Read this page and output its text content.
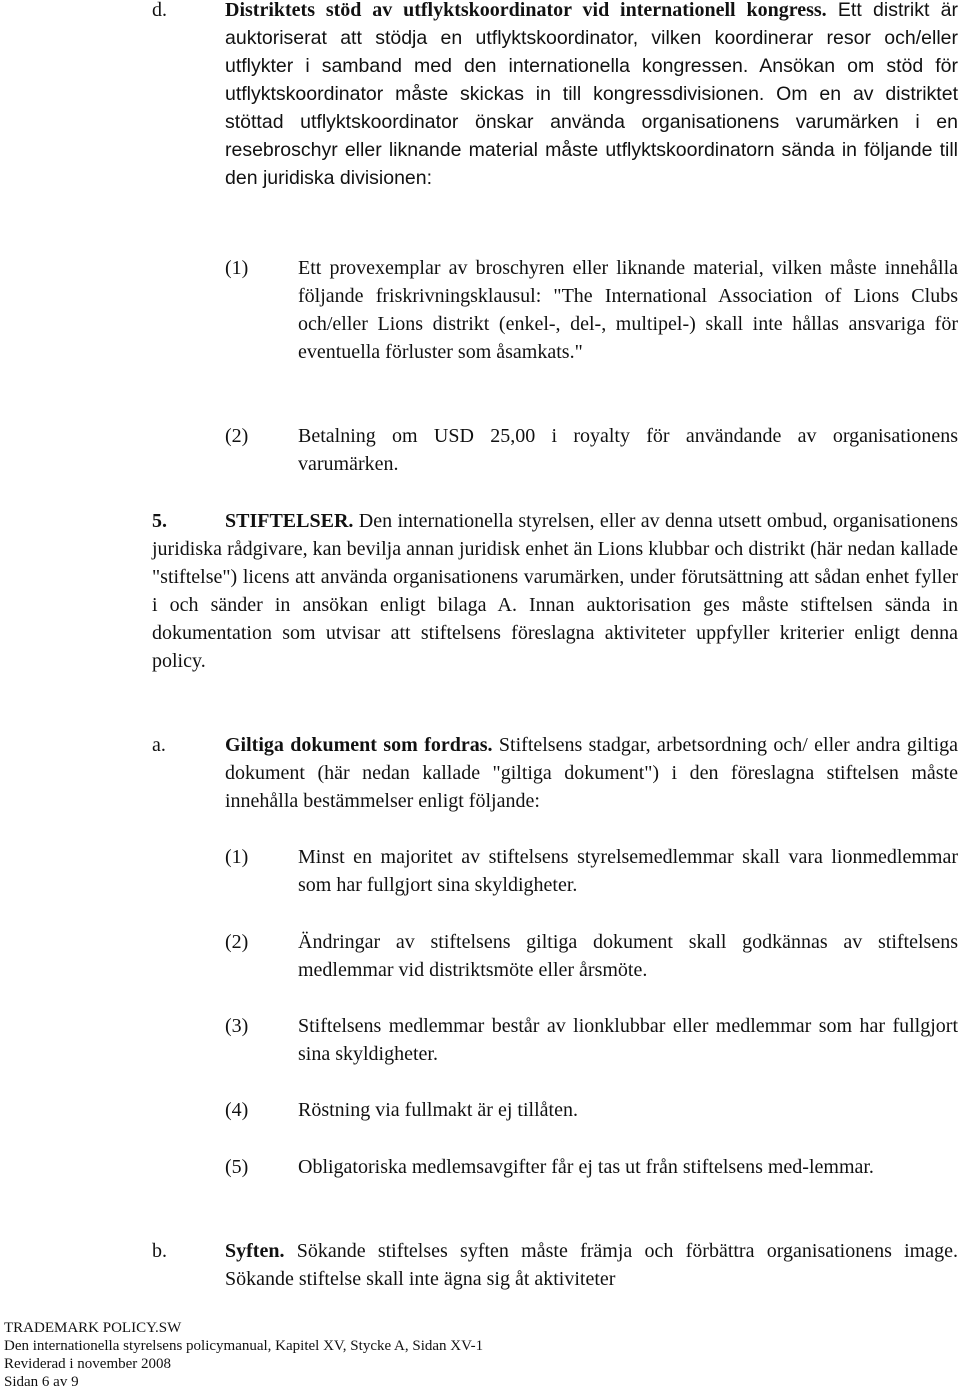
d.	Distriktets stöd av utflyktskoordinator vid internationell kongress. Ett distrikt är auktoriserat att stödja en utflyktskoordinator, vilken koordinerar resor och/eller utflykter i samband med den internationella kongressen. Ansökan om stöd för utflyktskoordinator måste skickas in till kongressdivisionen. Om en av distriktet stöttad utflyktskoordinator önskar använda organisationens varumärken i en resebroschyr eller liknande material måste utflyktskoordinatorn sända in följande till den juridiska divisionen:
(1) Ett provexemplar av broschyren eller liknande material, vilken måste innehålla följande friskrivningsklausul: "The International Association of Lions Clubs och/eller Lions distrikt (enkel-, del-, multipel-) skall inte hållas ansvariga för eventuella förluster som åsamkats."
(2) Betalning om USD 25,00 i royalty för användande av organisationens varumärken.
5.	STIFTELSER. Den internationella styrelsen, eller av denna utsett ombud, organisationens juridiska rådgivare, kan bevilja annan juridisk enhet än Lions klubbar och distrikt (här nedan kallade "stiftelse") licens att använda organisationens varumärken, under förutsättning att sådan enhet fyller i och sänder in ansökan enligt bilaga A. Innan auktorisation ges måste stiftelsen sända in dokumentation som utvisar att stiftelsens föreslagna aktiviteter uppfyller kriterier enligt denna policy.
a.	Giltiga dokument som fordras. Stiftelsens stadgar, arbetsordning och/ eller andra giltiga dokument (här nedan kallade "giltiga dokument") i den föreslagna stiftelsen måste innehålla bestämmelser enligt följande:
(1) Minst en majoritet av stiftelsens styrelsemedlemmar skall vara lionmedlemmar som har fullgjort sina skyldigheter.
(2) Ändringar av stiftelsens giltiga dokument skall godkännas av stiftelsens medlemmar vid distriktsmöte eller årsmöte.
(3) Stiftelsens medlemmar består av lionklubbar eller medlemmar som har fullgjort sina skyldigheter.
(4) Röstning via fullmakt är ej tillåten.
(5) Obligatoriska medlemsavgifter får ej tas ut från stiftelsens med-lemmar.
b.	Syften. Sökande stiftelses syften måste främja och förbättra organisationens image. Sökande stiftelse skall inte ägna sig åt aktiviteter
TRADEMARK POLICY.SW
Den internationella styrelsens policymanual, Kapitel XV, Stycke A, Sidan XV-1
Reviderad i november 2008
Sidan 6 av 9
